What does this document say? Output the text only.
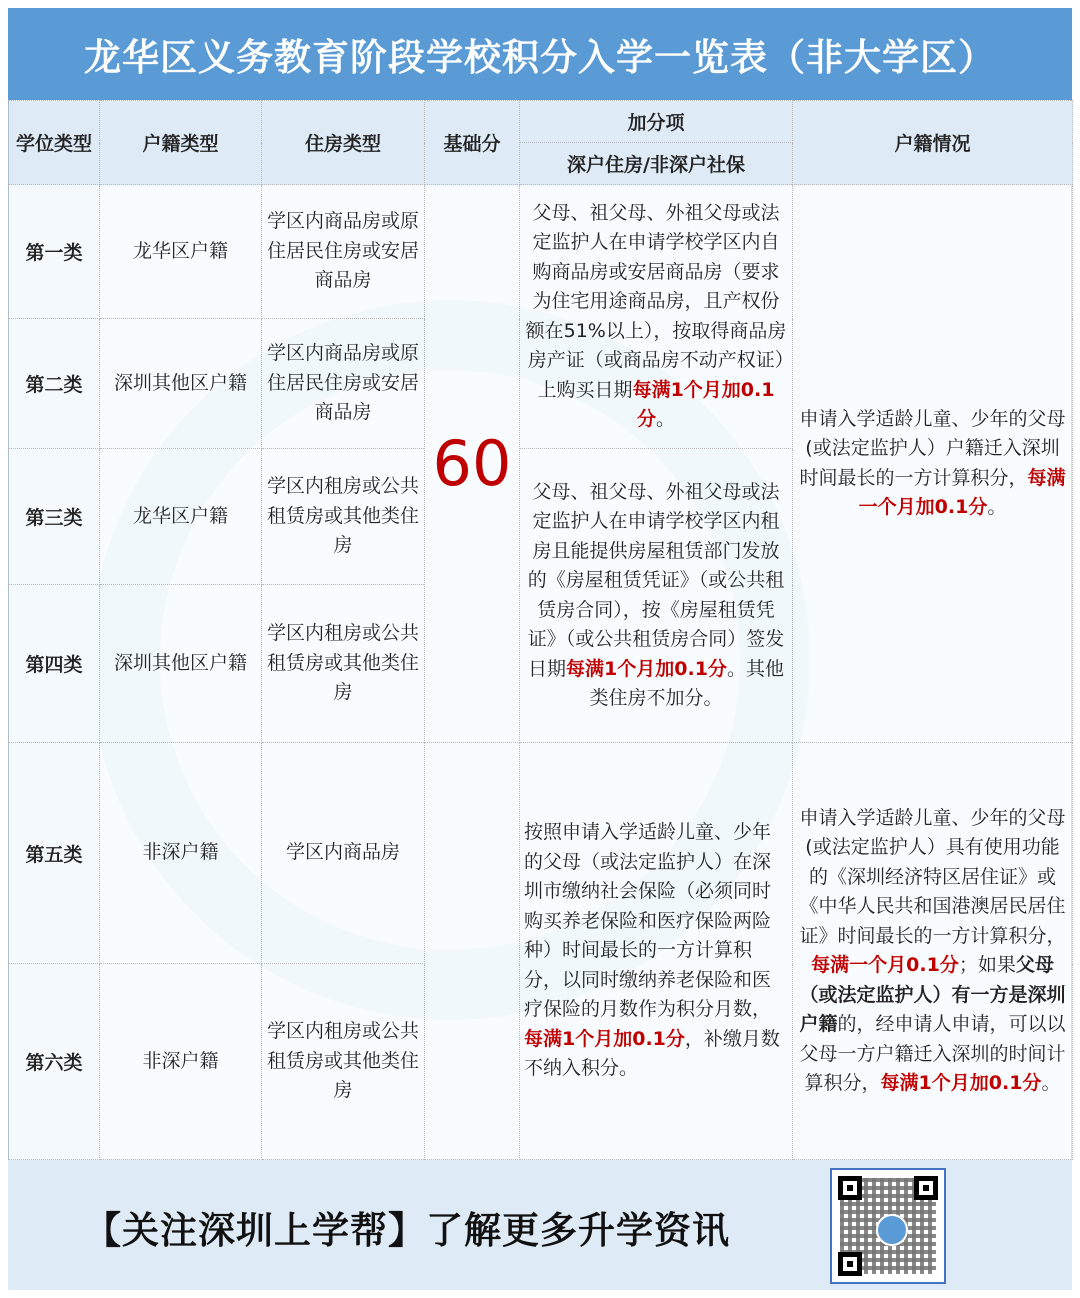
龙华区义务教育阶段学校积分入学一览表（非大学区）
学位类型	户籍类型	住房类型	基础分	加分项	户籍情况
				深户住房/非深户社保	
第一类	龙华区户籍	学区内商品房或原住居民住房或安居商品房	60	父母、祖父母、外祖父母或法定监护人在申请学校学区内自购商品房或安居商品房（要求为住宅用途商品房，且产权份额在51%以上），按取得商品房房产证（或商品房不动产权证）上购买日期每满1个月加0.1分。	申请入学适龄儿童、少年的父母(或法定监护人）户籍迁入深圳时间最长的一方计算积分，每满一个月加0.1分。

第二类	深圳其他区户籍	学区内商品房或原住居民住房或安居商品房			

第三类	龙华区户籍	学区内租房或公共租赁房或其他类住房		父母、祖父母、外祖父母或法定监护人在申请学校学区内租房且能提供房屋租赁部门发放的《房屋租赁凭证》（或公共租赁房合同），按《房屋租赁凭证》（或公共租赁房合同）签发日期每满1个月加0.1分。其他类住房不加分。	

第四类	深圳其他区户籍	学区内租房或公共租赁房或其他类住房			

第五类	非深户籍	学区内商品房		按照申请入学适龄儿童、少年的父母（或法定监护人）在深圳市缴纳社会保险（必须同时购买养老保险和医疗保险两险种）时间最长的一方计算积分，以同时缴纳养老保险和医疗保险的月数作为积分月数，每满1个月加0.1分，补缴月数不纳入积分。	申请入学适龄儿童、少年的父母(或法定监护人）具有使用功能的《深圳经济特区居住证》或《中华人民共和国港澳居民居住证》时间最长的一方计算积分，每满一个月0.1分；如果父母（或法定监护人）有一方是深圳户籍的，经申请人申请，可以以父母一方户籍迁入深圳的时间计算积分，每满1个月加0.1分。

第六类	非深户籍	学区内租房或公共租赁房或其他类住房			
【关注深圳上学帮】了解更多升学资讯
